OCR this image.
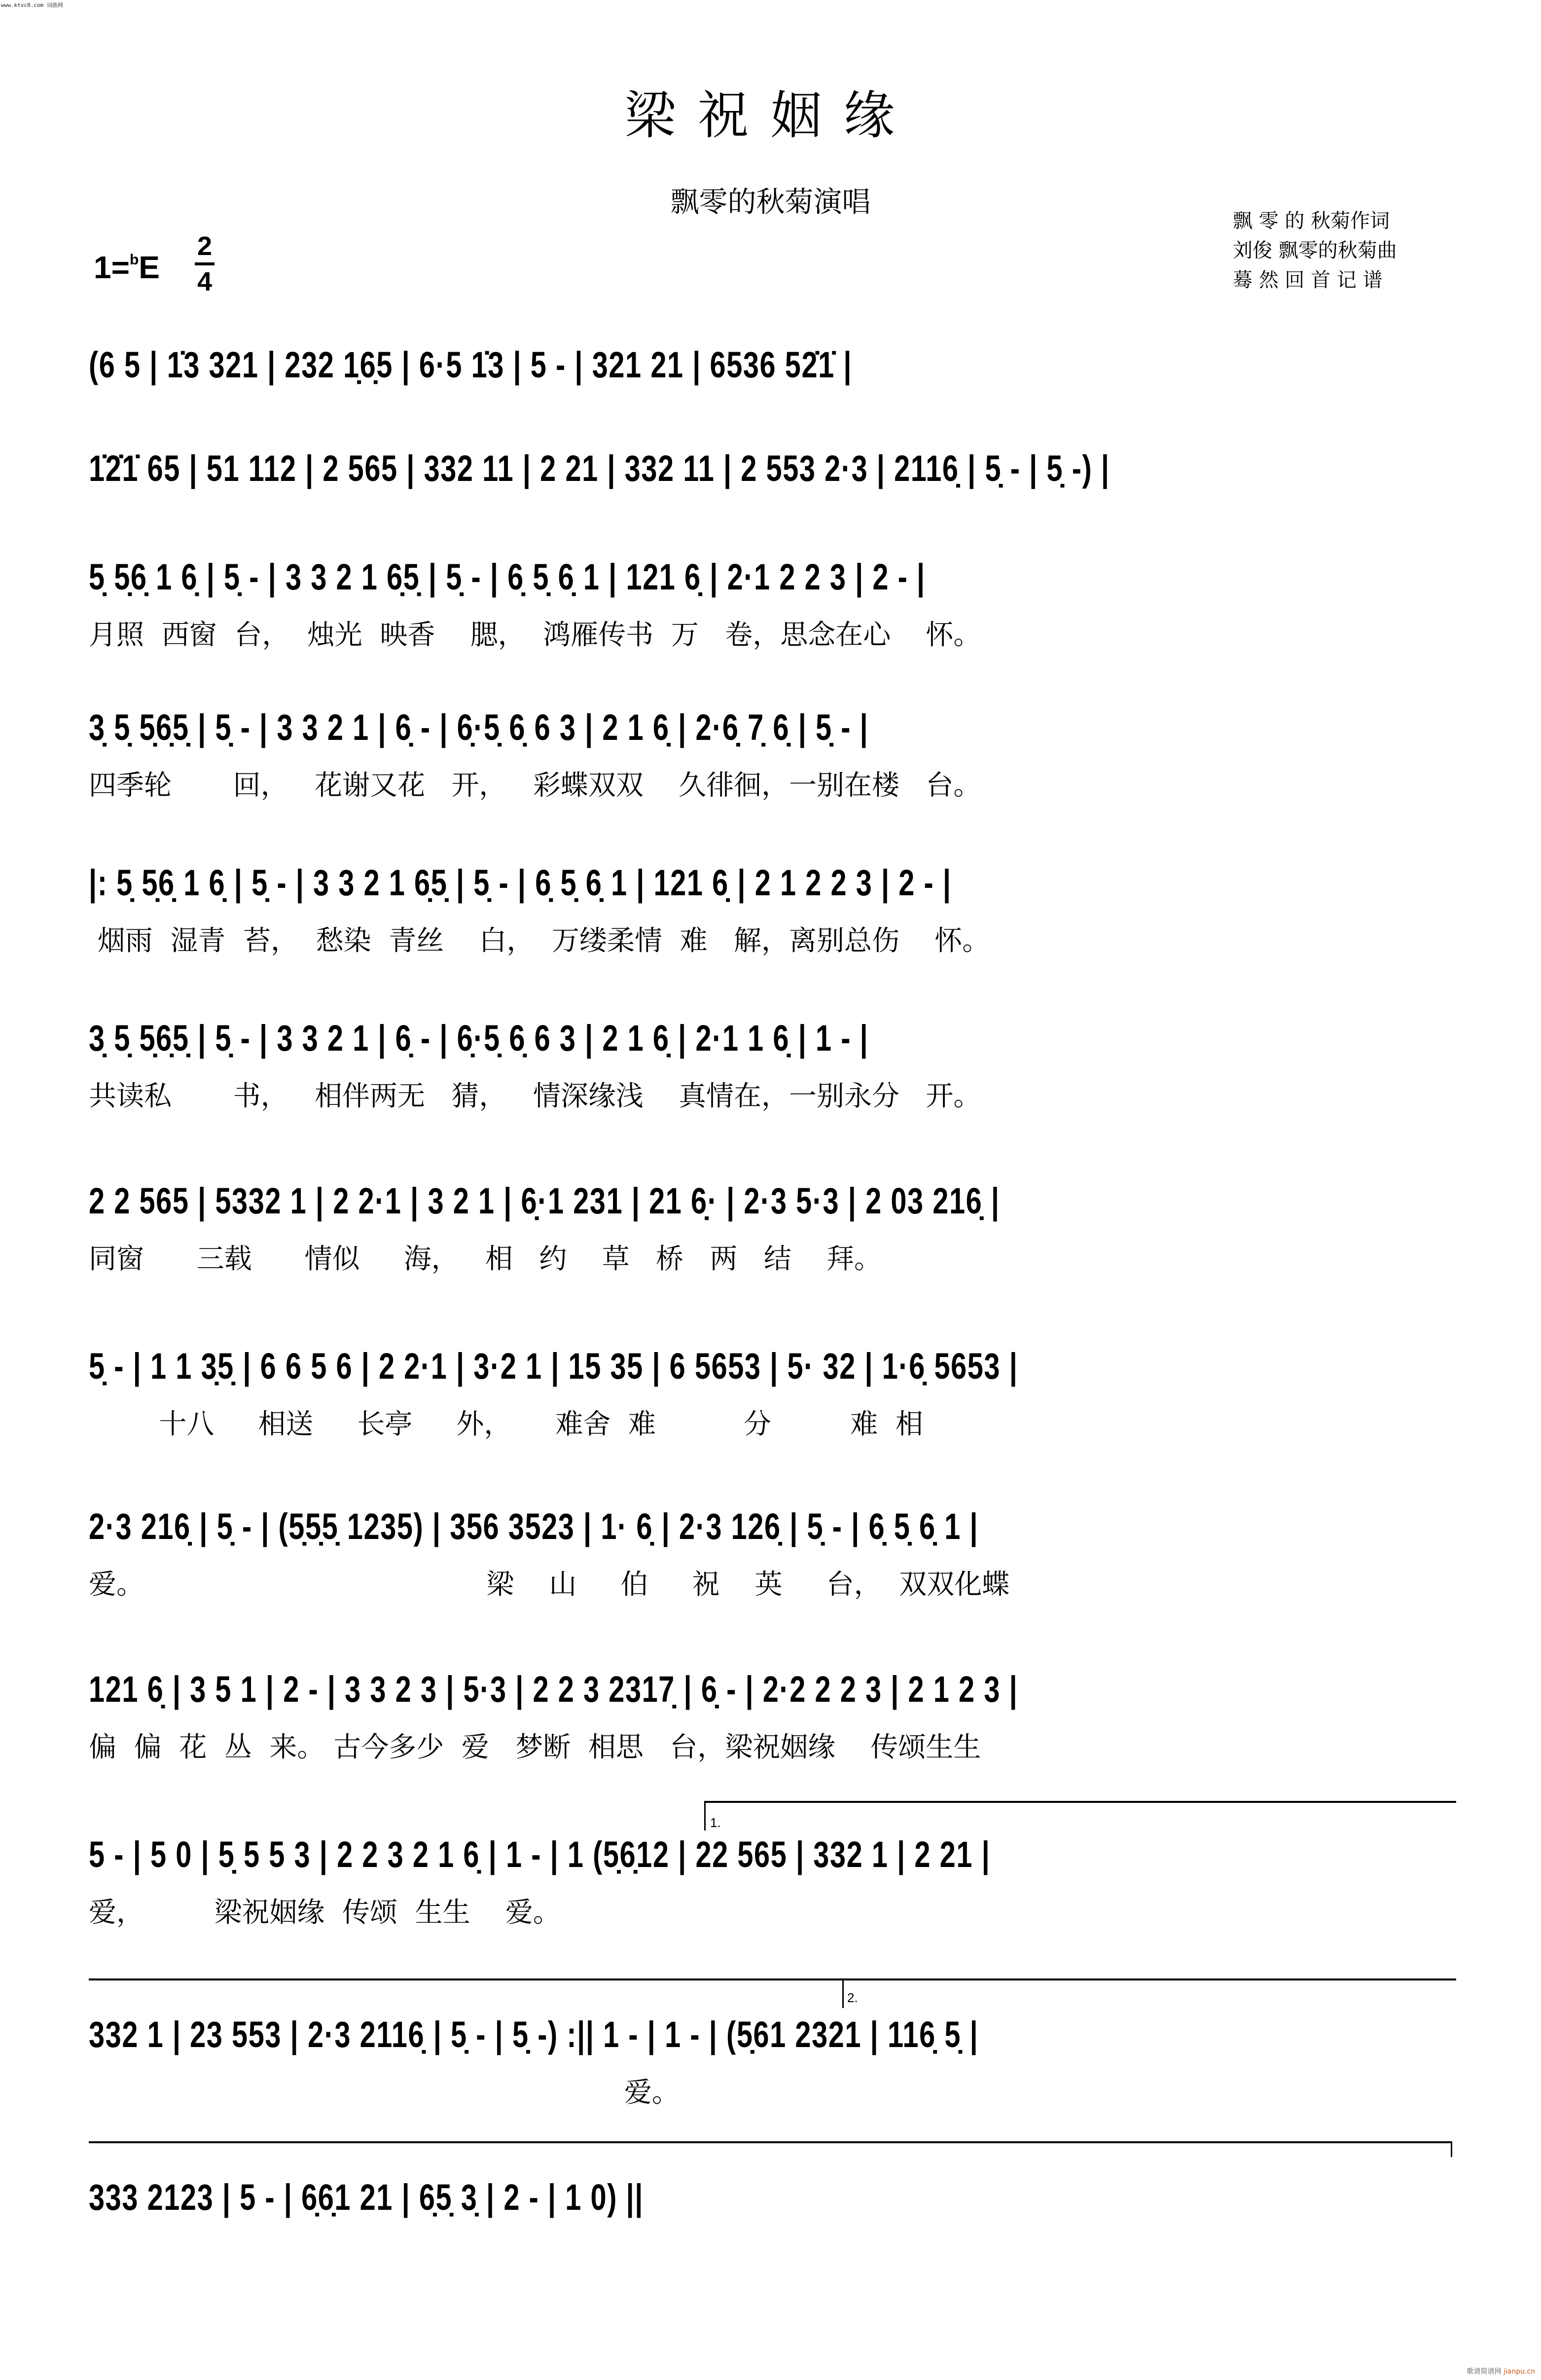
www.ktvc8.com 词曲网
梁祝姻缘
飘零的秋菊演唱
飘 零 的 秋菊作词
刘俊 飘零的秋菊曲
蓦 然 回 首 记 谱
1=$^b$E
2
4
(6 5 | 1̇3 321 | 232 1̣6̣5 | 6·5 1̇3 | 5 - | 321 21 | 6536 52̇1̇ |
1̇2̇1̇ 65 | 51 112 | 2 565 | 332 11 | 2 21 | 332 11 | 2 553 2·3 | 2116̣ | 5̣ - | 5̣ -) |
5̣ 5̣6̣ 1 6̣ | 5̣ - | 3 3 2 1 6̣5̣ | 5̣ - | 6̣ 5̣ 6̣ 1 | 121 6̣ | 2·1 2 2 3 | 2 - |
月照  西窗  台，  烛光  映香    腮，  鸿雁传书  万   卷，思念在心    怀。
3̣ 5̣ 5̣6̣5̣ | 5̣ - | 3 3 2 1 | 6̣ - | 6̣·5̣ 6̣ 6 3 | 2 1 6̣ | 2·6̣ 7̣ 6̣ | 5̣ - |
四季轮       回，   花谢又花   开，   彩蝶双双    久徘徊，一别在楼   台。
|: 5̣ 5̣6̣ 1 6̣ | 5̣ - | 3 3 2 1 6̣5̣ | 5̣ - | 6̣ 5̣ 6̣ 1 | 121 6̣ | 2 1 2 2 3 | 2 - |
烟雨  湿青  苔，  愁染  青丝    白，  万缕柔情  难   解，离别总伤    怀。
3̣ 5̣ 5̣6̣5̣ | 5̣ - | 3 3 2 1 | 6̣ - | 6̣·5̣ 6̣ 6 3 | 2 1 6̣ | 2·1 1 6̣ | 1 - |
共读私       书，   相伴两无   猜，   情深缘浅    真情在，一别永分   开。
2 2 565 | 5332 1 | 2 2·1 | 3 2 1 | 6̣·1 231 | 21 6̣· | 2·3 5·3 | 2 03 216̣ |
同窗      三载      情似     海，   相   约    草   桥   两   结    拜。
5̣ - | 1 1 3̣5̣ | 6 6 5 6 | 2 2·1 | 3·2 1 | 15 35 | 6 5653 | 5· 32 | 1·6̣ 5653 |
十八     相送     长亭     外，     难舍  难          分         难  相
2·3 216̣ | 5̣ - | (5̣5̣5̣ 1235) | 356 3523 | 1· 6̣ | 2·3 126̣ | 5̣ - | 6̣ 5̣ 6̣ 1 |
爱。                                       梁    山     伯     祝    英     台，  双双化蝶
121 6̣ | 3 5 1 | 2 - | 3 3 2 3 | 5·3 | 2 2 3 2317̣ | 6̣ - | 2·2 2 2 3 | 2 1 2 3 |
偏  偏  花  丛  来。 古今多少  爱   梦断  相思   台，梁祝姻缘    传颂生生
5 - | 5 0 | 5̣ 5 5 3 | 2 2 3 2 1 6̣ | 1 - | 1 (5̣6̣12 | 22 565 | 332 1 | 2 21 |
爱，        梁祝姻缘  传颂  生生    爱。
332 1 | 23 553 | 2·3 2116̣ | 5̣ - | 5̣ -) :|| 1 - | 1 - | (5̣61 2321 | 116̣ 5̣ |
爱。
333 2123 | 5 - | 6̣6̣1 21 | 6̣5̣ 3̣ | 2 - | 1 0) ||
1.
2.
歌谱简谱网 jianpu.cn
